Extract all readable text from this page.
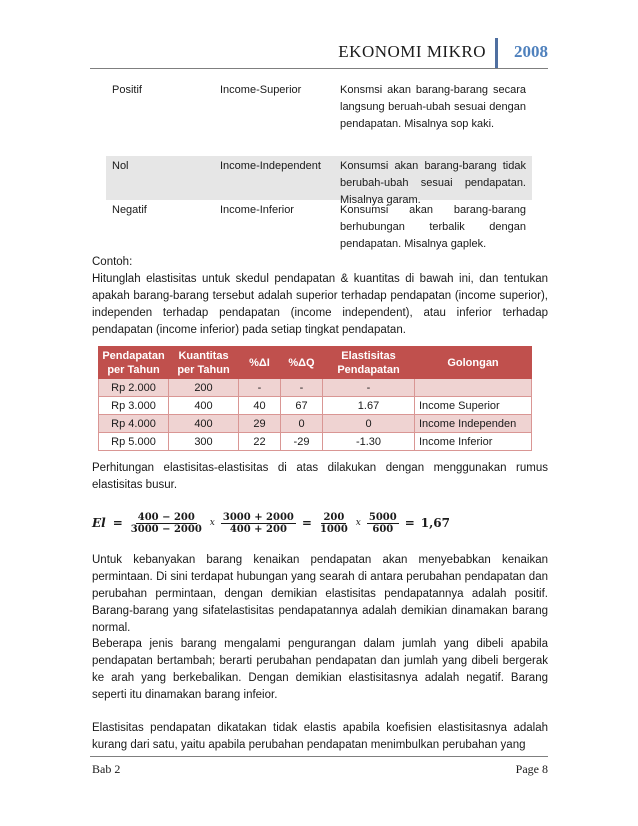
EKONOMI MIKRO 2008
Positif	Income-Superior	Konsmsi akan barang-barang secara langsung beruah-ubah sesuai dengan pendapatan. Misalnya sop kaki.
Nol	Income-Independent	Konsumsi akan barang-barang tidak berubah-ubah sesuai pendapatan. Misalnya garam.
Negatif	Income-Inferior	Konsumsi akan barang-barang berhubungan terbalik dengan pendapatan. Misalnya gaplek.
Contoh:
Hitunglah elastisitas untuk skedul pendapatan & kuantitas di bawah ini, dan tentukan apakah barang-barang tersebut adalah superior terhadap pendapatan (income superior), independen terhadap pendapatan (income independent), atau inferior terhadap pendapatan (income inferior) pada setiap tingkat pendapatan.
Pendapatan per Tahun	Kuantitas per Tahun	%ΔI	%ΔQ	Elastisitas Pendapatan	Golongan
Rp 2.000	200	-	-	-	
Rp 3.000	400	40	67	1.67	Income Superior
Rp 4.000	400	29	0	0	Income Independen
Rp 5.000	300	22	-29	-1.30	Income Inferior
Perhitungan elastisitas-elastisitas di atas dilakukan dengan menggunakan rumus elastisitas busur.
$El = \frac{400 - 200}{3000 - 2000}$ x $\frac{3000 + 2000}{400 + 200} = \frac{200}{1000}$ x $\frac{5000}{600} = 1,67$
Untuk kebanyakan barang kenaikan pendapatan akan menyebabkan kenaikan permintaan. Di sini terdapat hubungan yang searah di antara perubahan pendapatan dan perubahan permintaan, dengan demikian elastisitas pendapatannya adalah positif. Barang-barang yang sifatelastisitas pendapatannya adalah demikian dinamakan barang normal.
Beberapa jenis barang mengalami pengurangan dalam jumlah yang dibeli apabila pendapatan bertambah; berarti perubahan pendapatan dan jumlah yang dibeli bergerak ke arah yang berkebalikan. Dengan demikian elastisitasnya adalah negatif. Barang seperti itu dinamakan barang infeior.
Elastisitas pendapatan dikatakan tidak elastis apabila koefisien elastisitasnya adalah kurang dari satu, yaitu apabila perubahan pendapatan menimbulkan perubahan yang
Bab 2	Page 8
